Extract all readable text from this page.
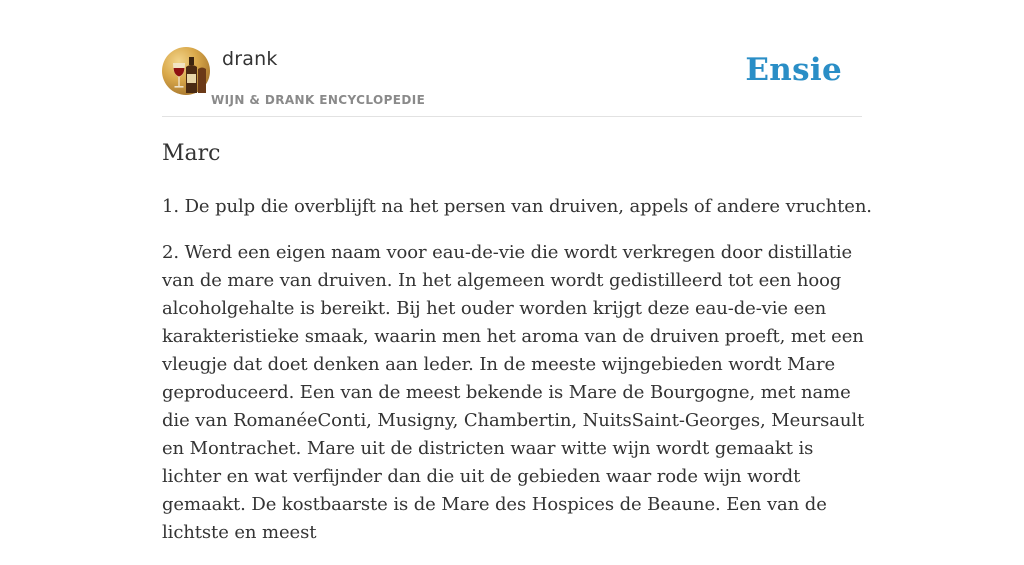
drank
WIJN & DRANK ENCYCLOPEDIE
Ensie
Marc

1. De pulp die overblijft na het persen van druiven, appels of andere vruchten.

2. Werd een eigen naam voor eau-de-vie die wordt verkregen door distillatie van de mare van druiven. In het algemeen wordt gedistilleerd tot een hoog alcoholgehalte is bereikt. Bij het ouder worden krijgt deze eau-de-vie een karakteristieke smaak, waarin men het aroma van de druiven proeft, met een vleugje dat doet denken aan leder. In de meeste wijngebieden wordt Mare geproduceerd. Een van de meest bekende is Mare de Bourgogne, met name die van RomanéeConti, Musigny, Chambertin, NuitsSaint-Georges, Meursault en Montrachet. Mare uit de districten waar witte wijn wordt gemaakt is lichter en wat verfijnder dan die uit de gebieden waar rode wijn wordt gemaakt. De kostbaarste is de Mare des Hospices de Beaune. Een van de lichtste en meest
